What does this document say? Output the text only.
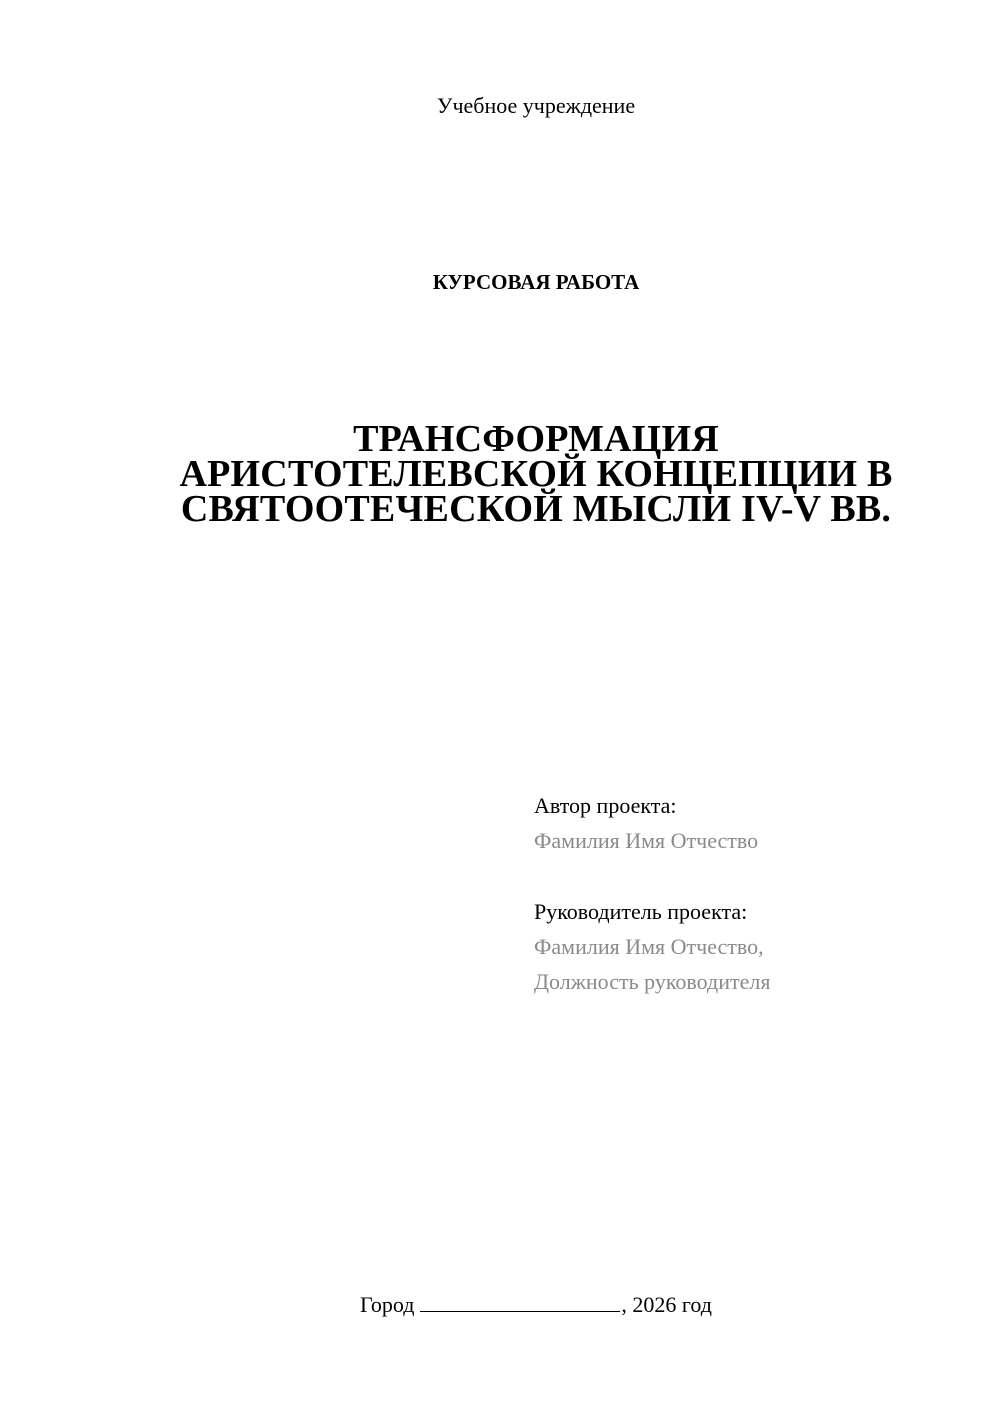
Учебное учреждение
КУРСОВАЯ РАБОТА
ТРАНСФОРМАЦИЯ
АРИСТОТЕЛЕВСКОЙ КОНЦЕПЦИИ В
СВЯТООТЕЧЕСКОЙ МЫСЛИ IV-V ВВ.
Автор проекта:
Фамилия Имя Отчество
Руководитель проекта:
Фамилия Имя Отчество,
Должность руководителя
Город	, 2026 год
